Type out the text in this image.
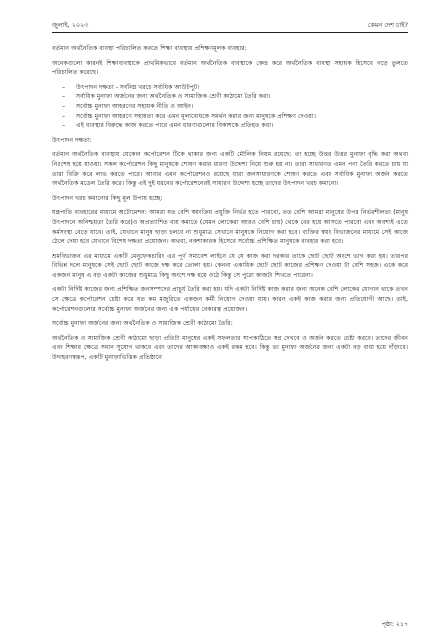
জুলাই, ২০২৩	কেমন দেশ চাই?

বর্তমান অর্থনৈতিক ব্যবস্থা পরিচালিত করতে শিক্ষা ব্যবস্থার প্রশিক্ষণমূলক ব্যবহার:

অনেকগুলো কারনই শিক্ষাব্যবস্থাকে প্রাথমিকভাবে বর্তমান অর্থনৈতিক ব্যবস্থাকে কেন্দ্র করে অর্থনৈতিক ব্যবস্থা সহায়ক হিসেবে গড়ে তুলতে পরিচালিত করেছে।

– উৎপাদন দক্ষতা - সর্বনিম্ন খরচে সর্বাধিক আউটপুট।
– সর্বাধিক মুনাফা অর্জনের জন্য অর্থনৈতিক ও সামাজিক শ্রেণী কাঠামো তৈরি করা।
– সর্বোচ্চ মুনাফা আহরণের সহায়ক নীতি ও আইন।
– সর্বোচ্চ মুনাফা আহরণে সহায়তা করে এমন মূল্যবোধকে সমর্থন করার জন্য মানুষকে প্রশিক্ষণ দেওয়া।
– এই ব্যবস্থার বিরুদ্ধে কাজ করতে পারে এমন ধারণাগুলোর বিকাশকে প্রতিহত করা।

উৎপাদন দক্ষতা:

বর্তমান অর্থনৈতিক ব্যবস্থায় যেকোন কর্পোরেশন টিকে থাকার জন্য একটি মৌলিক নিয়ম রয়েছে: তা হচ্ছে উত্তর উত্তর মুনাফা বৃদ্ধি করা অথবা নিঃশেষ হয়ে যাওয়া। সকল কর্পোরেশন কিছু মানুষকে শোষণ করার ধারণা উদ্দেশ্য নিয়ে শুরু হয় না। তারা সাধারণত এমন পণ্য তৈরি করতে চায় যা তারা বিক্রি করে লাভ করতে পারে। আবার এমন কর্পোরেশনও রয়েছে যারা জনসাধারণকে শোষণ করতে এবং সর্বাধিক মুনাফা অর্জন করতে অর্থনৈতিক মডেল তৈরি করে। কিন্তু এই দুই ধরনের কর্পোরেশনেরই সাধারণ উদ্দেশ্য হচ্ছে তাদের উৎপাদন খরচ কমানো।

উৎপাদন খরচ কমানোর কিছু মূল উপায় হচ্ছে:

যন্ত্রপাতি ব্যবহারের মাধ্যমে অটোমেশন: আমরা যত বেশি স্বয়ংক্রিয় প্রযুক্তি নির্ভর হতে পারবো, তত বেশি আমরা মানুষের উপর নির্ভরশীলতা (মানুষ উৎপাদনে অনিশ্চয়তা তৈরি করে)ও অপ্রত্যাশিত ব্যয় কমাতে (যেমন লোকেরা আরও বেশি চায়) থেকে বের হয়ে আসতে পারবো এবং অবশ্যই এতে কর্মসংস্থা বেড়ে যাবে। তাই, যেখানে মানুষ ছাড়া চলবে না শুধুমাত্র সেখানে মানুষকে নিয়োগ করা হবে। ব্যক্তির স্বয়ং বিভাজনের মাধ্যমে সেই কাজে ঠেলে দেয়া হবে যেখানে বিশেষ দক্ষতা প্রয়োজন। অথবা, নকশাকারক হিসেবে সর্বোচ্চ প্রশিক্ষিত মানুষকে ব্যবহার করা হবে।

শ্রমবিভাজন এর মাধ্যমে একটি মেনুফেকচারিং এর পূর্ণ সমাবেশ লাইনে যে যে কাজ করা দরকার তাকে ছোট ছোট অংশে ভাগ করা হয়। তারপর বিভিন্ন দলে মানুষকে সেই ছোট ছোট কাজে দক্ষ করে তোলা হয়। কেননা একাধিক ছোট ছোট কাজের প্রশিক্ষণ দেওয়া টা বেশি সহজ। একে করে একজন মানুষ এ বড় একটা কাজের শুধুমাত্র কিছু অংশে দক্ষ হয়ে ওঠে কিন্তু সে পুরো কাজটা শিখতে পারেনা।

একটা নির্দিষ্ট কাজের জন্য প্রশিক্ষিত জনসম্পদের প্রাচুর্য তৈরি করা হয়। যদি একটা নির্দিষ্ট কাজ করার জন্য অনেক বেশি লোকের যোগান থাকে তখন সে ক্ষেত্রে কর্পোরেশন চেষ্টা করে যত কম মজুরিতে একজন কর্মী নিয়োগ দেওয়া যায়। কারন একই কাজ করার জন্য প্রতিযোগী আছে। তাই, কর্পোরেশনগুলোর সর্বোচ্চ মুনাফা অর্জনের জন্য এক পর্যায়ের বেকারত্ব প্রয়োজন।

সর্বোচ্চ মুনাফা অর্জনের জন্য অর্থনৈতিক ও সামাজিক শ্রেণী কাঠামো তৈরি:

অর্থনৈতিক ও সামাজিক শ্রেণী কাঠামো ছাড়া প্রতিটা মানুষের একই সফলতার সাপকাঠিতে স্বপ্ন দেখবে ও অর্জন করতে চেষ্টা করবে। তাদের জীবন এবং শিক্ষার ক্ষেত্রে সমান সুযোগ থাকবে এবং তাদের আকাঙ্ক্ষাও একই রকম হবে। কিন্তু তা মুনাফা অর্জনের জন্য একটা বড় বাধা হয়ে দাঁড়াবে। উদাহরণস্বরূপ, একটি মুনাফাভিত্তিক প্রতিষ্ঠানে

পৃষ্ঠা: ২১৭
